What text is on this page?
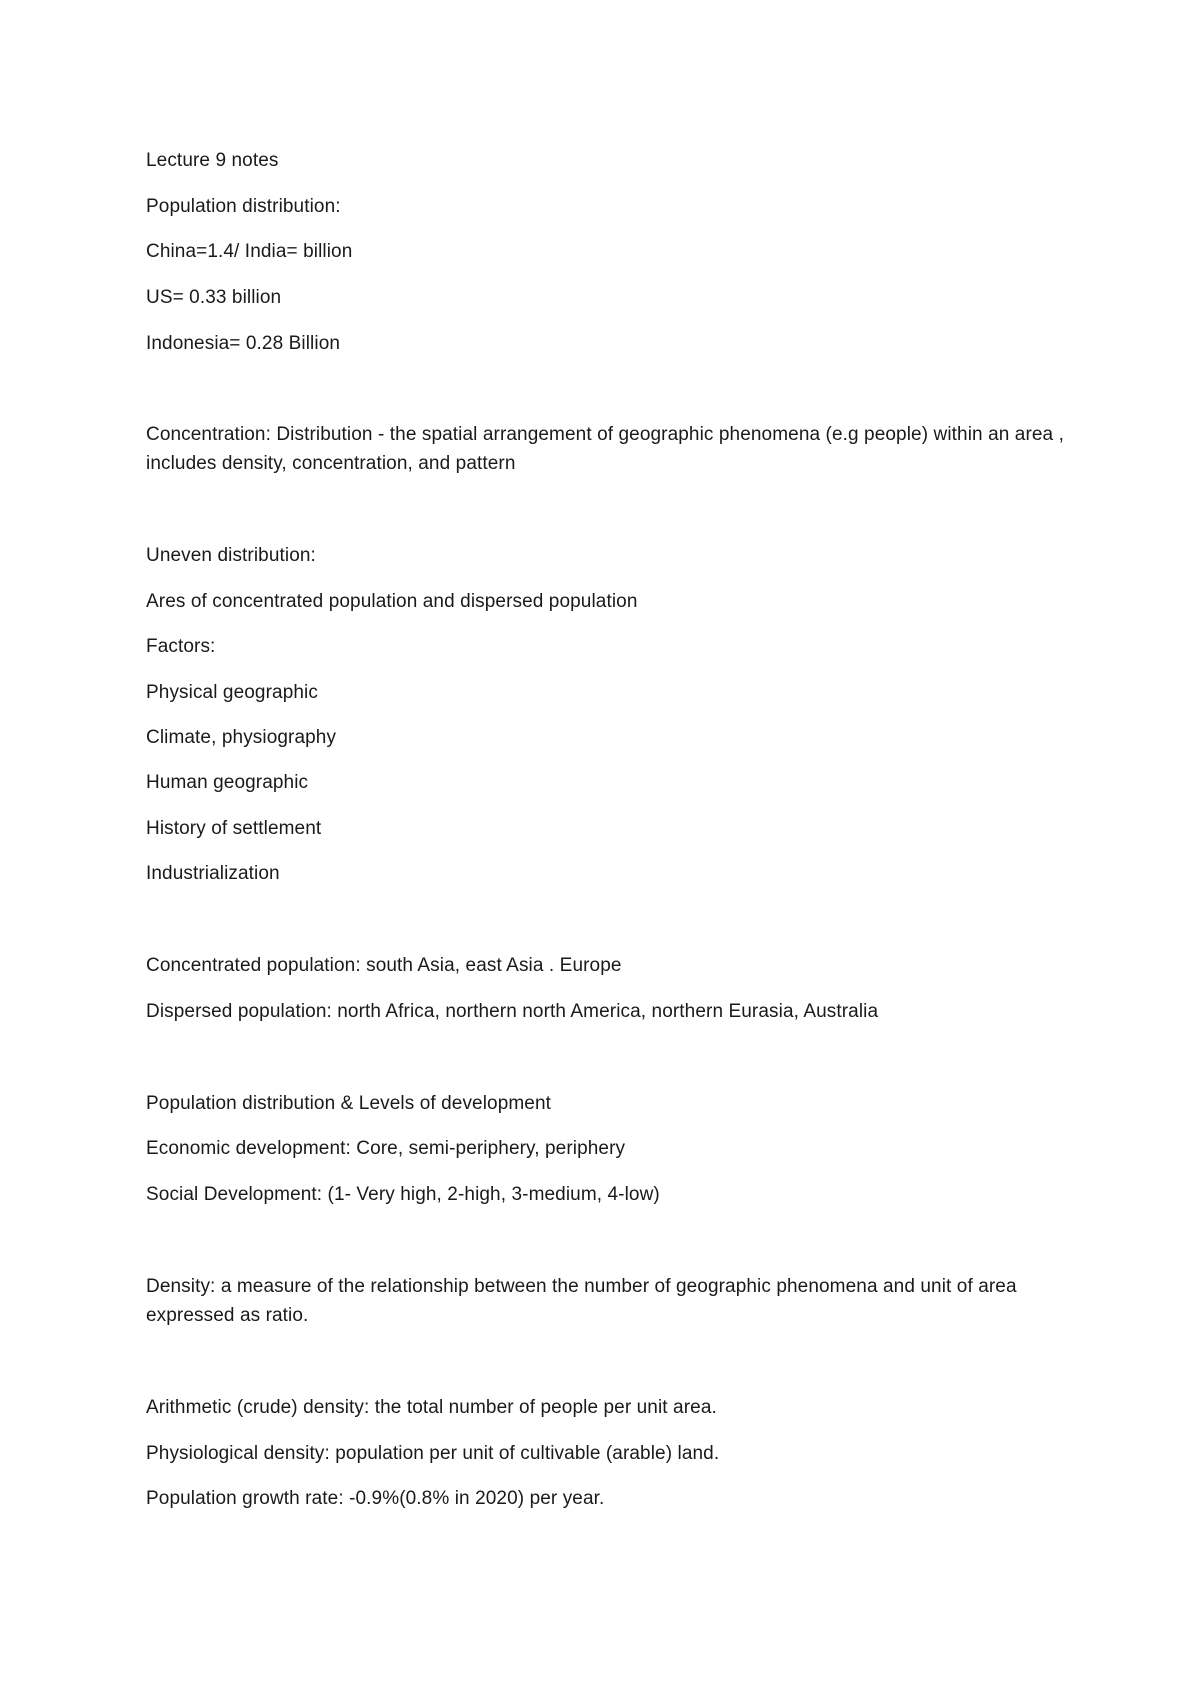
Lecture 9 notes
Population distribution:
China=1.4/ India= billion
US= 0.33 billion
Indonesia= 0.28 Billion
Concentration: Distribution - the spatial arrangement of geographic phenomena (e.g people) within an area , includes density, concentration, and pattern
Uneven distribution:
Ares of concentrated population and dispersed population
Factors:
Physical geographic
Climate, physiography
Human geographic
History of settlement
Industrialization
Concentrated population: south Asia, east Asia . Europe
Dispersed population: north Africa, northern north America, northern Eurasia, Australia
Population distribution & Levels of development
Economic development: Core, semi-periphery, periphery
Social Development: (1- Very high, 2-high, 3-medium, 4-low)
Density: a measure of the relationship between the number of geographic phenomena and unit of area expressed as ratio.
Arithmetic (crude) density: the total number of people per unit area.
Physiological density: population per unit of cultivable (arable) land.
Population growth rate: -0.9%(0.8% in 2020) per year.
